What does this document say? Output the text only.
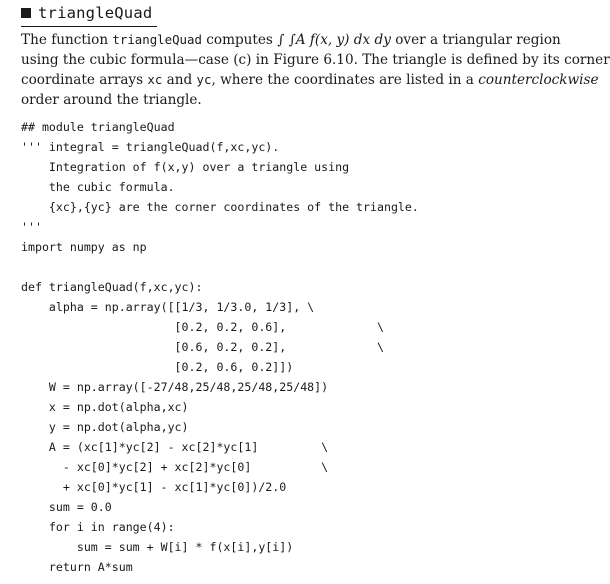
triangleQuad
The function triangleQuad computes ∫ ∫A f(x, y) dx dy over a triangular region
using the cubic formula—case (c) in Figure 6.10. The triangle is defined by its corner
coordinate arrays xc and yc, where the coordinates are listed in a counterclockwise
order around the triangle.
## module triangleQuad
''' integral = triangleQuad(f,xc,yc).
Integration of f(x,y) over a triangle using
the cubic formula.
{xc},{yc} are the corner coordinates of the triangle.
'''
import numpy as np
def triangleQuad(f,xc,yc):
alpha = np.array([[1/3, 1/3.0, 1/3], \
[0.2, 0.2, 0.6],             \
[0.6, 0.2, 0.2],             \
[0.2, 0.6, 0.2]])
W = np.array([-27/48,25/48,25/48,25/48])
x = np.dot(alpha,xc)
y = np.dot(alpha,yc)
A = (xc[1]*yc[2] - xc[2]*yc[1]         \
- xc[0]*yc[2] + xc[2]*yc[0]          \
+ xc[0]*yc[1] - xc[1]*yc[0])/2.0
sum = 0.0
for i in range(4):
sum = sum + W[i] * f(x[i],y[i])
return A*sum
